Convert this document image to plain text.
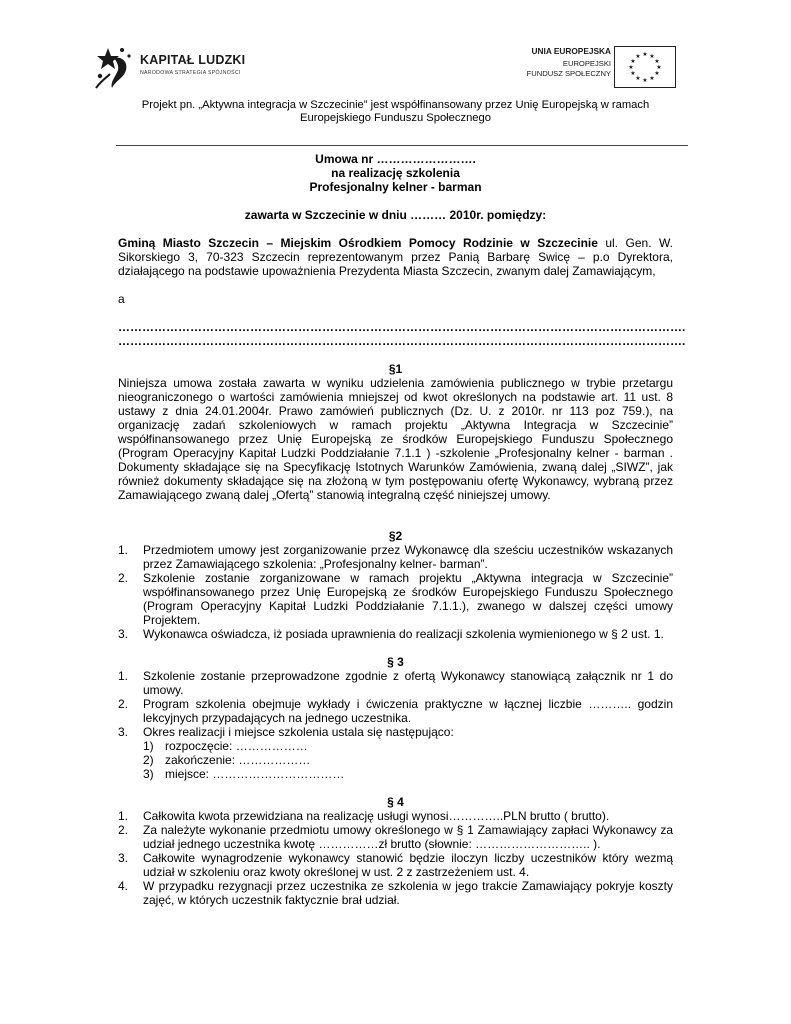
KAPITAŁ LUDZKI
NARODOWA STRATEGIA SPÓJNOŚCI
UNIA EUROPEJSKA
EUROPEJSKI
FUNDUSZ SPOŁECZNY
★ ★
★
★
★
★
★
★
★
★
★
★
Projekt pn. „Aktywna integracja w Szczecinie” jest współfinansowany przez Unię Europejską w ramach
Europejskiego Funduszu Społecznego
Umowa nr …………………….
na realizację szkolenia
Profesjonalny kelner - barman
zawarta w Szczecinie w dniu ……… 2010r. pomiędzy:
Gminą Miasto Szczecin – Miejskim Ośrodkiem Pomocy Rodzinie w Szczecinie ul. Gen. W. Sikorskiego 3, 70-323 Szczecin reprezentowanym przez Panią Barbarę Swicę – p.o Dyrektora, działającego na podstawie upoważnienia Prezydenta Miasta Szczecin, zwanym dalej Zamawiającym,
a
…………………………………………………………………………………………………………………………….
…………………………………………………………………………………………………………………………….
§1
Niniejsza umowa została zawarta w wyniku udzielenia zamówienia publicznego w trybie przetargu nieograniczonego o wartości zamówienia mniejszej od kwot określonych na podstawie art. 11 ust. 8 ustawy z dnia 24.01.2004r. Prawo zamówień publicznych (Dz. U. z 2010r. nr 113 poz 759.), na organizację zadań szkoleniowych w ramach projektu „Aktywna Integracja w Szczecinie” współfinansowanego przez Unię Europejską ze środków Europejskiego Funduszu Społecznego (Program Operacyjny Kapitał Ludzki Poddziałanie 7.1.1 ) -szkolenie „Profesjonalny kelner - barman . Dokumenty składające się na Specyfikację Istotnych Warunków Zamówienia, zwaną dalej „SIWZ”, jak również dokumenty składające się na złożoną w tym postępowaniu ofertę Wykonawcy, wybraną przez Zamawiającego zwaną dalej „Ofertą” stanowią integralną część niniejszej umowy.
§2
1. Przedmiotem umowy jest zorganizowanie przez Wykonawcę dla sześciu uczestników wskazanych przez Zamawiającego szkolenia: „Profesjonalny kelner- barman”.
2. Szkolenie zostanie zorganizowane w ramach projektu „Aktywna integracja w Szczecinie” współfinansowanego przez Unię Europejską ze środków Europejskiego Funduszu Społecznego (Program Operacyjny Kapitał Ludzki Poddziałanie 7.1.1.), zwanego w dalszej części umowy Projektem.
3. Wykonawca oświadcza, iż posiada uprawnienia do realizacji szkolenia wymienionego w § 2 ust. 1.
§ 3
1. Szkolenie zostanie przeprowadzone zgodnie z ofertą Wykonawcy stanowiącą załącznik nr 1 do umowy.
2. Program szkolenia obejmuje wykłady i ćwiczenia praktyczne w łącznej liczbie ……….. godzin lekcyjnych przypadających na jednego uczestnika.
3. Okres realizacji i miejsce szkolenia ustala się następująco:
1) rozpoczęcie: ………………
2) zakończenie: ………………
3) miejsce: ……………………………
§ 4
1. Całkowita kwota przewidziana na realizację usługi wynosi…………..PLN brutto ( brutto).
2. Za należyte wykonanie przedmiotu umowy określonego w § 1 Zamawiający zapłaci Wykonawcy za udział jednego uczestnika kwotę ……………zł brutto (słownie: ……………………….. ).
3. Całkowite wynagrodzenie wykonawcy stanowić będzie iloczyn liczby uczestników który wezmą udział w szkoleniu oraz kwoty określonej w ust. 2 z zastrzeżeniem ust. 4.
4. W przypadku rezygnacji przez uczestnika ze szkolenia w jego trakcie Zamawiający pokryje koszty zajęć, w których uczestnik faktycznie brał udział.
